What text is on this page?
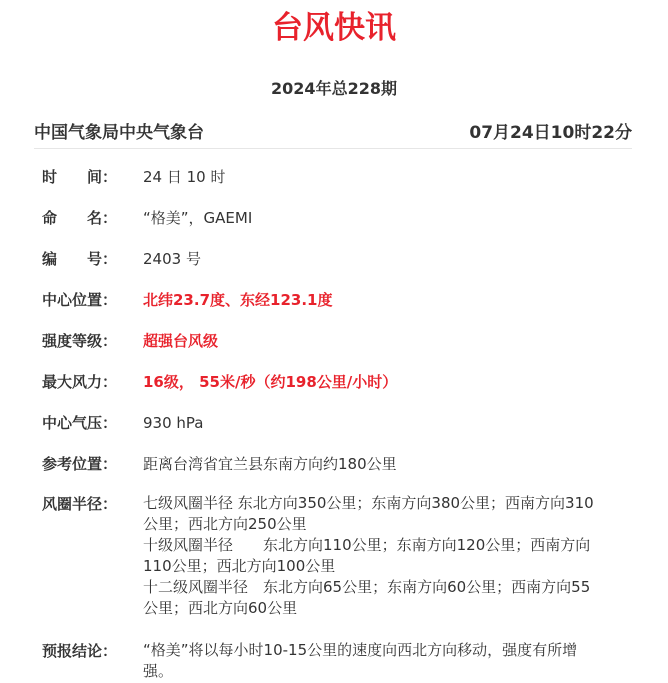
台风快讯
2024年总228期
中国气象局中央气象台	07月24日10时22分
时 间：	24 日 10 时
命 名：	“格美”，GAEMI
编 号：	2403 号
中心位置：	北纬23.7度、东经123.1度
强度等级：	超强台风级
最大风力：	16级， 55米/秒（约198公里/小时）
中心气压：	930 hPa
参考位置：	距离台湾省宜兰县东南方向约180公里
风圈半径：	七级风圈半径 东北方向350公里；东南方向380公里；西南方向310
公里；西北方向250公里
十级风圈半径　　东北方向110公里；东南方向120公里；西南方向
110公里；西北方向100公里
十二级风圈半径　东北方向65公里；东南方向60公里；西南方向55
公里；西北方向60公里
预报结论：	“格美”将以每小时10-15公里的速度向西北方向移动，强度有所增
强。
